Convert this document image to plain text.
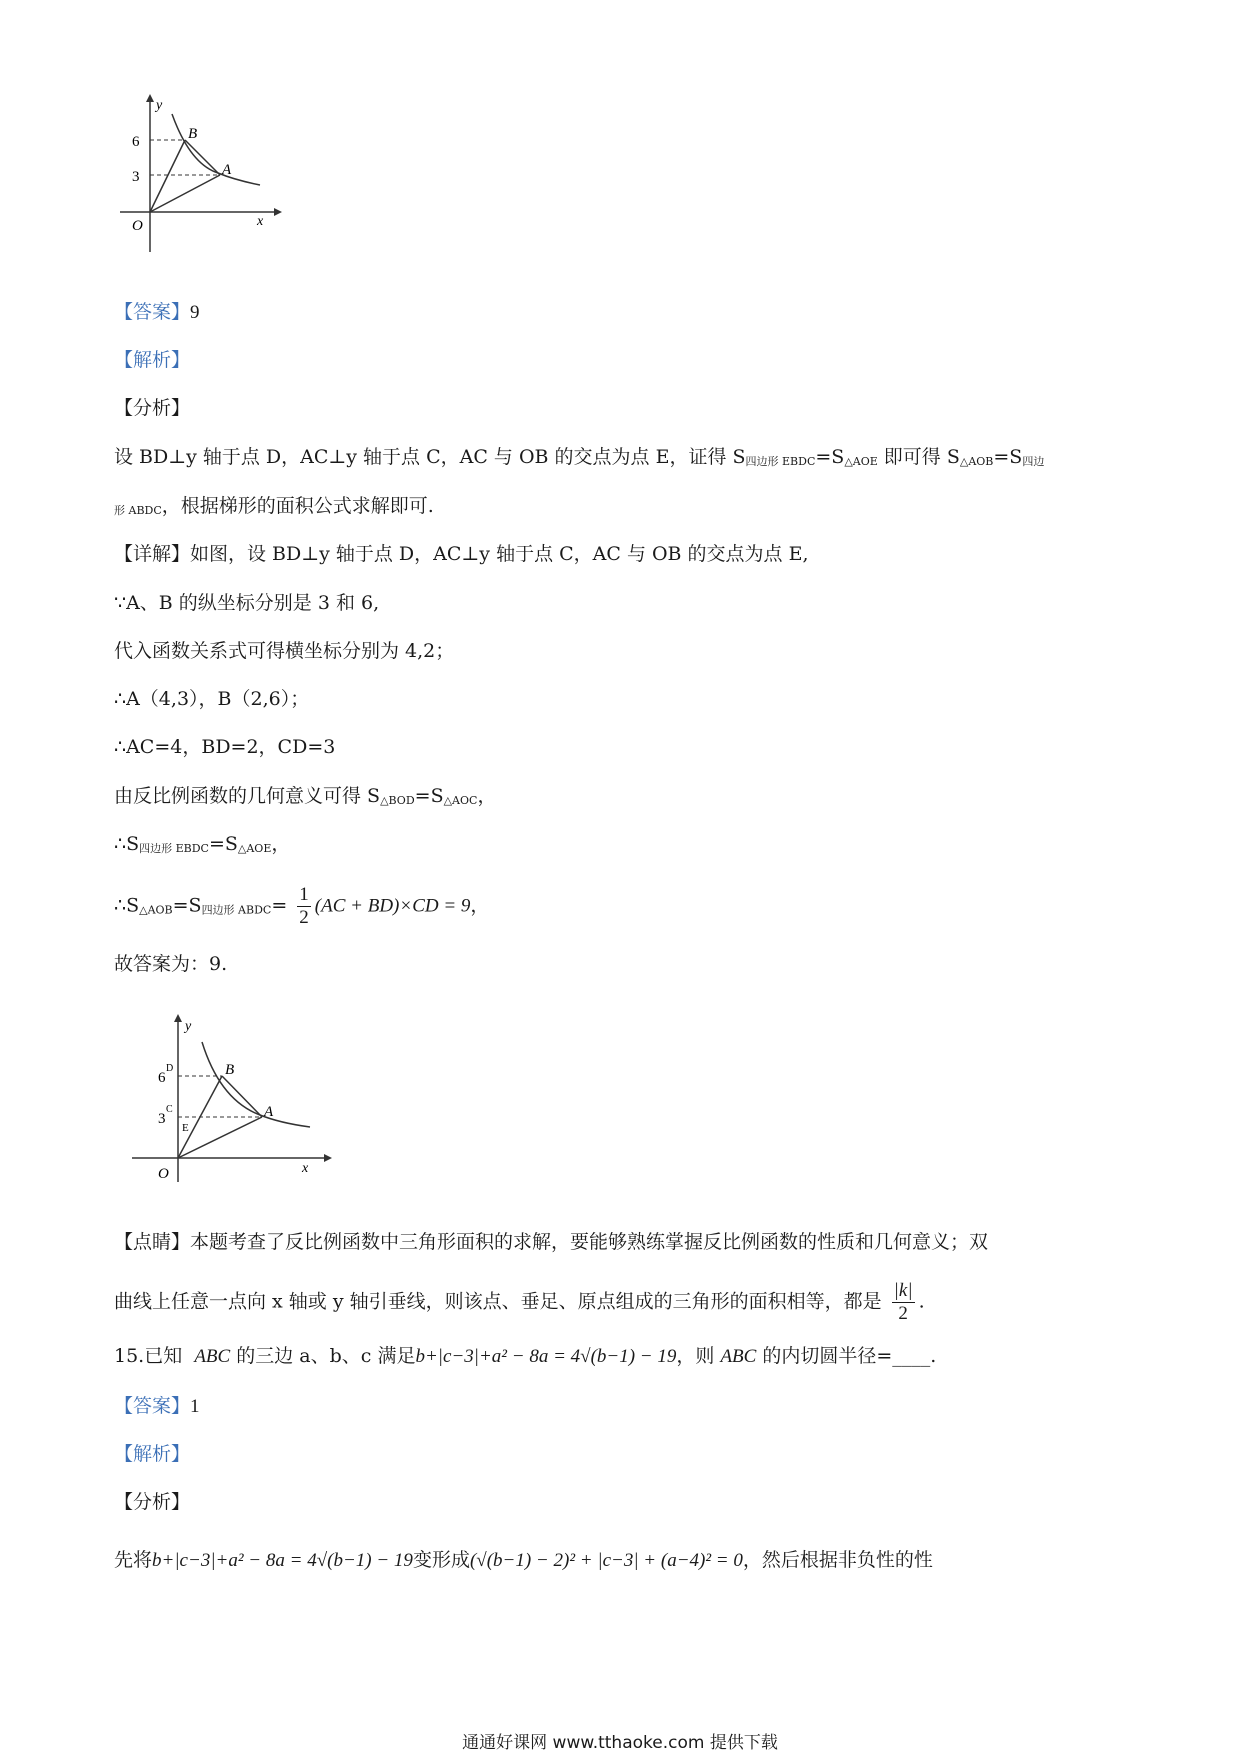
y
x
O
B
A
6
3
【答案】9
【解析】
【分析】
设 BD⊥y 轴于点 D，AC⊥y 轴于点 C，AC 与 OB 的交点为点 E，证得 S四边形 EBDC=S△AOE 即可得 S△AOB=S四边
形 ABDC，根据梯形的面积公式求解即可.
【详解】如图，设 BD⊥y 轴于点 D，AC⊥y 轴于点 C，AC 与 OB 的交点为点 E,
∵A、B 的纵坐标分别是 3 和 6,
代入函数关系式可得横坐标分别为 4,2；
∴A（4,3），B（2,6）；
∴AC=4，BD=2，CD=3
由反比例函数的几何意义可得 S△BOD=S△AOC，
∴S四边形 EBDC=S△AOE，
∴S△AOB=S四边形 ABDC= $\frac{1}{2} (AC + BD)\times CD = 9$，
故答案为：9.
y
x
O
B
A
D
C
E
6
3
【点睛】本题考查了反比例函数中三角形面积的求解，要能够熟练掌握反比例函数的性质和几何意义；双
曲线上任意一点向 x 轴或 y 轴引垂线，则该点、垂足、原点组成的三角形的面积相等，都是 $\frac{|k|}{2}$ .
15.已知 ABC 的三边 a、b、c 满足b+|c−3|+a² − 8a = 4√(b−1) − 19，则 ABC 的内切圆半径=____.
【答案】1
【解析】
【分析】
先将b+|c−3|+a² − 8a = 4√(b−1) − 19变形成(√(b−1) − 2)² + |c−3| + (a−4)² = 0，然后根据非负性的性
通通好课网 www.tthaoke.com 提供下载
